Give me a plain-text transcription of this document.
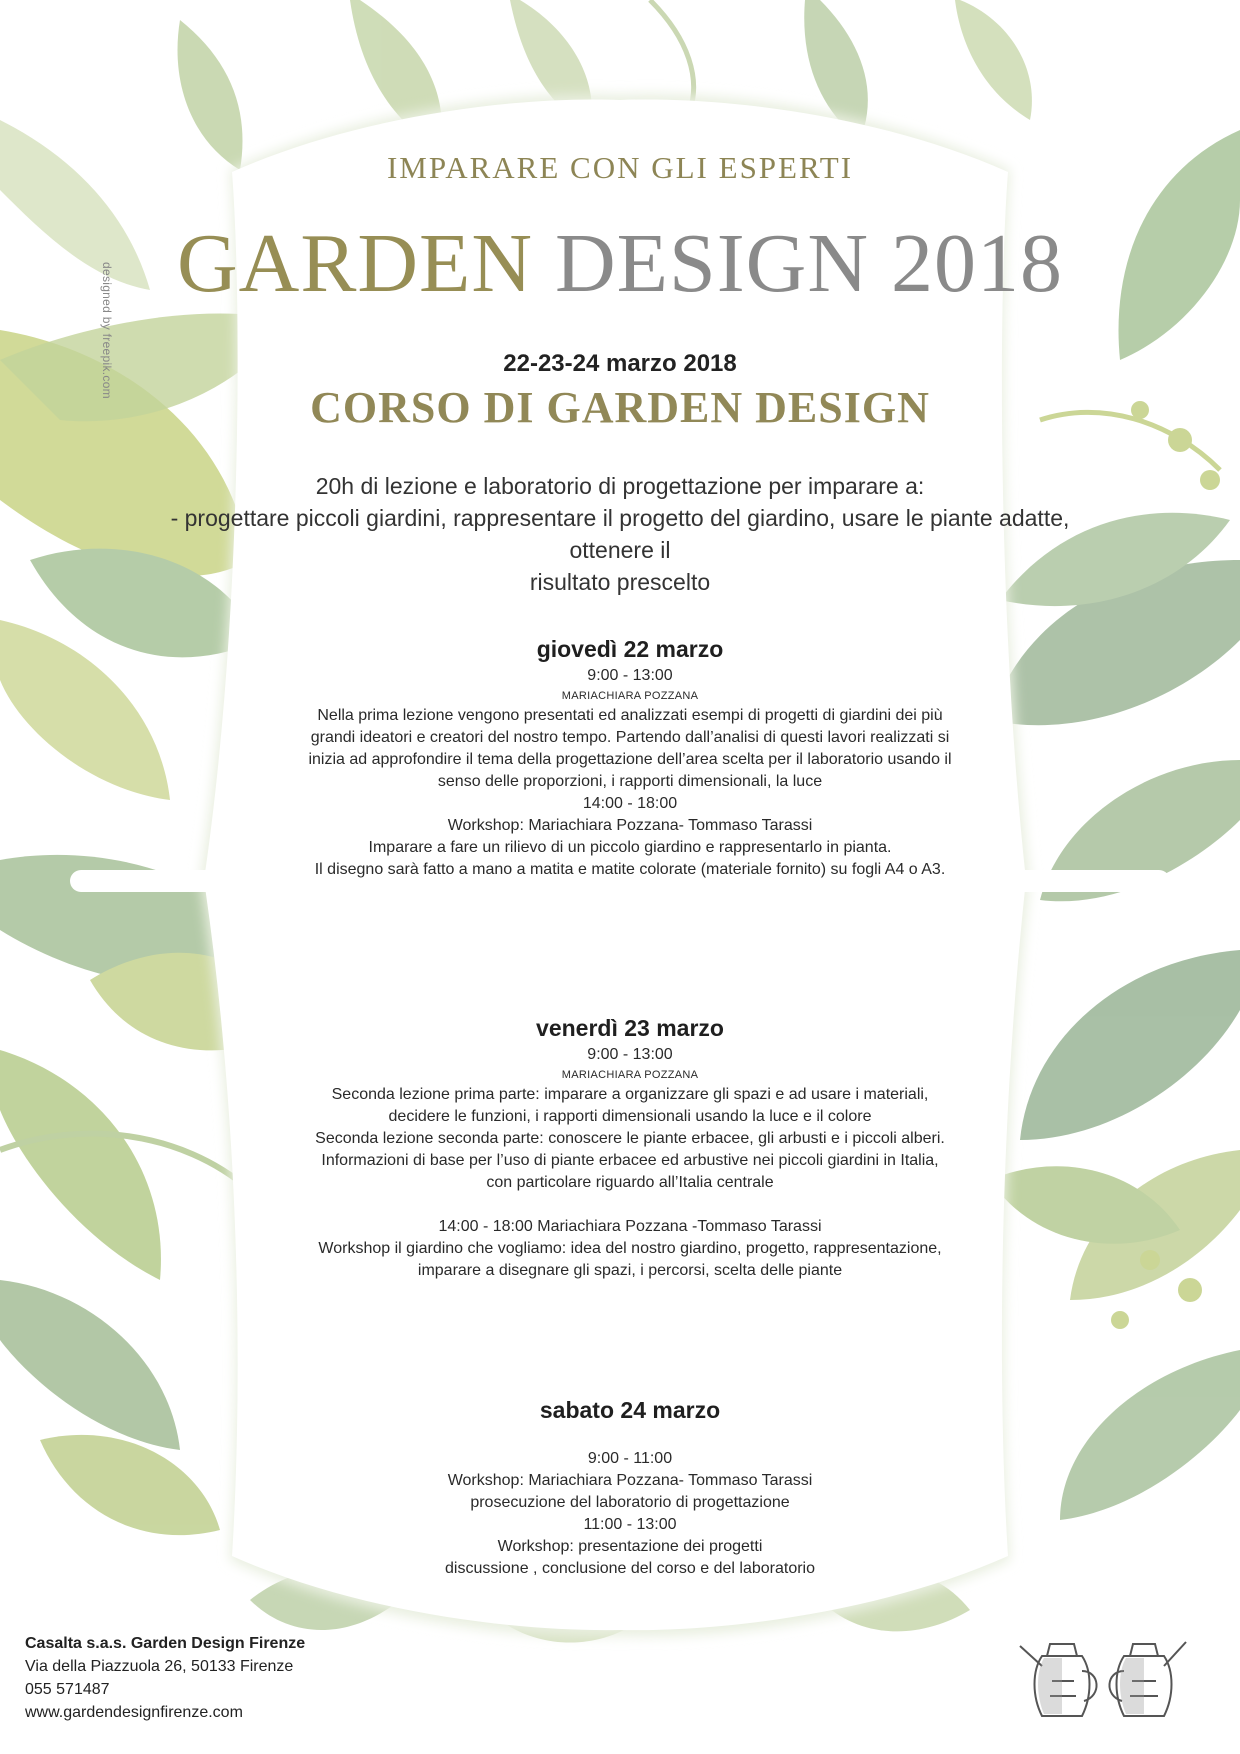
IMPARARE CON GLI ESPERTI
GARDEN DESIGN 2018
22-23-24 marzo 2018
CORSO DI GARDEN DESIGN
20h di lezione e laboratorio di progettazione per imparare a:
- progettare piccoli giardini, rappresentare il progetto del giardino, usare le piante adatte, ottenere il
risultato prescelto
giovedì 22 marzo
9:00 - 13:00
MARIACHIARA POZZANA
Nella prima lezione vengono presentati ed analizzati esempi di progetti di giardini dei più
grandi ideatori e creatori del nostro tempo. Partendo dall’analisi di questi lavori realizzati si
inizia ad approfondire il tema della progettazione dell’area scelta per il laboratorio usando il
senso delle proporzioni, i rapporti dimensionali, la luce
14:00 - 18:00
Workshop: Mariachiara Pozzana- Tommaso Tarassi
Imparare a fare un rilievo di un piccolo giardino e rappresentarlo in pianta.
Il disegno sarà fatto a mano a matita e matite colorate (materiale fornito) su fogli A4 o A3.
venerdì 23 marzo
9:00 - 13:00
MARIACHIARA POZZANA
Seconda lezione prima parte: imparare a organizzare gli spazi e ad usare i materiali,
decidere le funzioni, i rapporti dimensionali usando la luce e il colore
Seconda lezione seconda parte: conoscere le piante erbacee, gli arbusti e i piccoli alberi.
Informazioni di base per l’uso di piante erbacee ed arbustive nei piccoli giardini in Italia,
con particolare riguardo all’Italia centrale
14:00 - 18:00 Mariachiara Pozzana -Tommaso Tarassi
Workshop il giardino che vogliamo: idea del nostro giardino, progetto, rappresentazione,
imparare a disegnare gli spazi, i percorsi, scelta delle piante
sabato 24 marzo
9:00 - 11:00
Workshop: Mariachiara Pozzana- Tommaso Tarassi
prosecuzione del laboratorio di progettazione
11:00 - 13:00
Workshop: presentazione dei progetti
discussione , conclusione del corso e del laboratorio
designed by freepik.com
Casalta s.a.s. Garden Design Firenze
Via della Piazzuola 26, 50133 Firenze
055 571487
www.gardendesignfirenze.com
